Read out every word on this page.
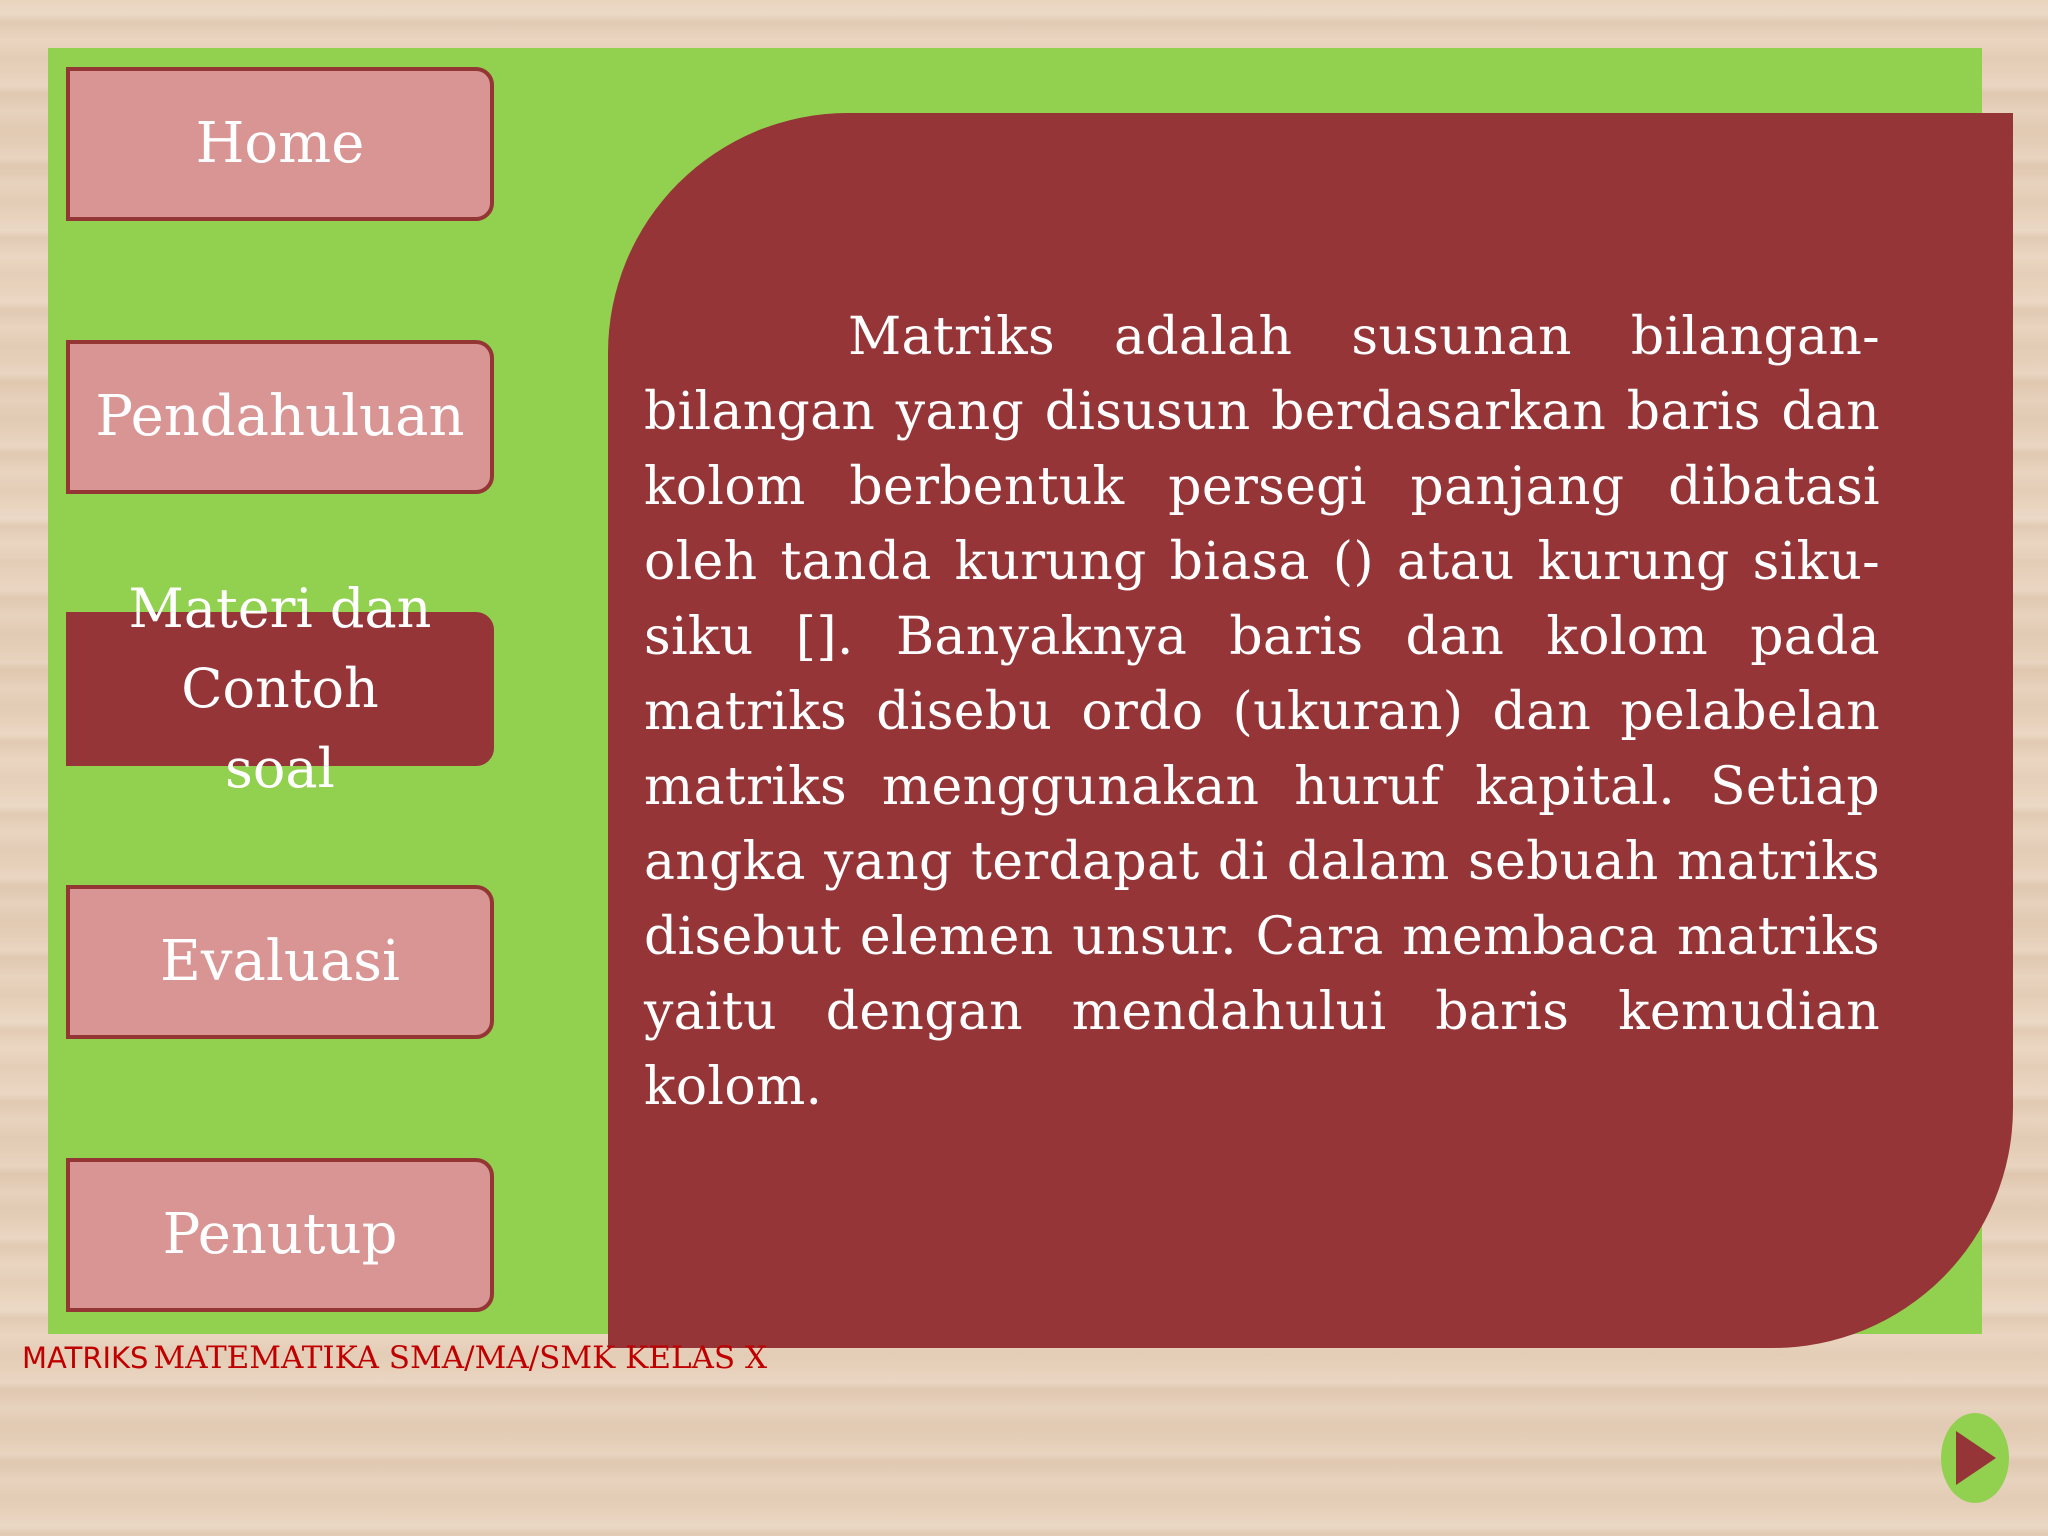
Matriks adalah susunan bilangan-bilangan yang disusun berdasarkan baris dan kolom berbentuk persegi panjang dibatasi oleh tanda kurung biasa () atau kurung siku-siku []. Banyaknya baris dan kolom pada matriks disebu ordo (ukuran) dan pelabelan matriks menggunakan huruf kapital. Setiap angka yang terdapat di dalam sebuah matriks disebut elemen unsur. Cara membaca matriks yaitu dengan mendahului baris kemudian kolom.

Home
Pendahuluan
Materi dan Contoh soal
Evaluasi
Penutup
MATRIKS MATEMATIKA SMA/MA/SMK KELAS X
